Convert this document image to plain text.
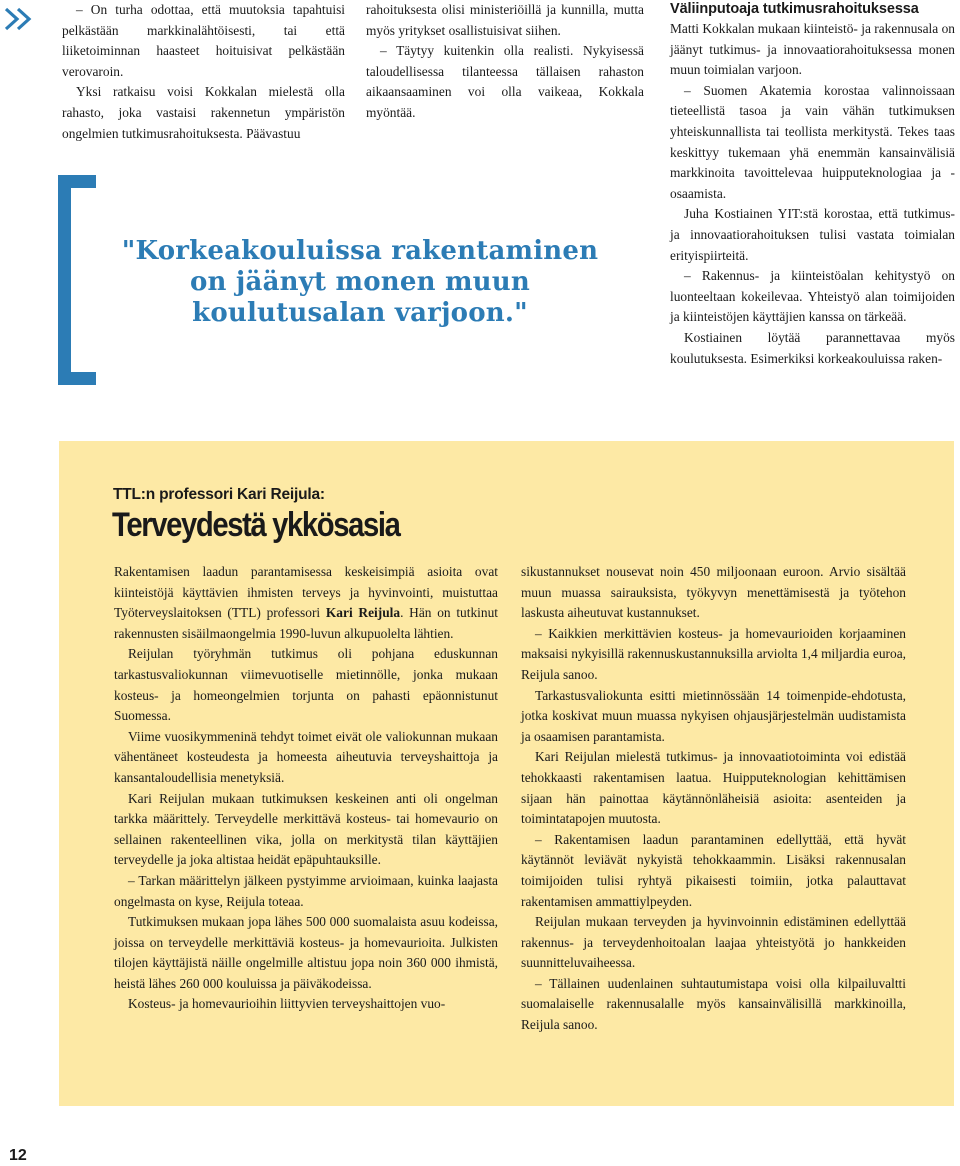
– On turha odottaa, että muutoksia tapahtuisi pelkästään markkinalähtöisesti, tai että liiketoiminnan haasteet hoituisivat pelkästään verovaroin.

Yksi ratkaisu voisi Kokkalan mielestä olla rahasto, joka vastaisi rakennetun ympäristön ongelmien tutkimusrahoituksesta. Päävastuu

rahoituksesta olisi ministeriöillä ja kunnilla, mutta myös yritykset osallistuisivat siihen.

– Täytyy kuitenkin olla realisti. Nykyisessä taloudellisessa tilanteessa tällaisen rahaston aikaansaaminen voi olla vaikeaa, Kokkala myöntää.

Väliinputoaja tutkimusrahoituksessa

Matti Kokkalan mukaan kiinteistö- ja rakennusala on jäänyt tutkimus- ja innovaatiorahoituksessa monen muun toimialan varjoon.

– Suomen Akatemia korostaa valinnoissaan tieteellistä tasoa ja vain vähän tutkimuksen yhteiskunnallista tai teollista merkitystä. Tekes taas keskittyy tukemaan yhä enemmän kansainvälisiä markkinoita tavoittelevaa huipputeknologiaa ja -osaamista.

Juha Kostiainen YIT:stä korostaa, että tutkimus- ja innovaatiorahoituksen tulisi vastata toimialan erityispiirteitä.

– Rakennus- ja kiinteistöalan kehitystyö on luonteeltaan kokeilevaa. Yhteistyö alan toimijoiden ja kiinteistöjen käyttäjien kanssa on tärkeää.

Kostiainen löytää parannettavaa myös koulutuksesta. Esimerkiksi korkeakouluissa raken-

"Korkeakouluissa rakentaminen
on jäänyt monen muun
koulutusalan varjoon."
TTL:n professori Kari Reijula:
Terveydestä ykkösasia

Rakentamisen laadun parantamisessa keskeisimpiä asioita ovat kiinteistöjä käyttävien ihmisten terveys ja hyvinvointi, muistuttaa Työterveyslaitoksen (TTL) professori Kari Reijula. Hän on tutkinut rakennusten sisäilmaongelmia 1990-luvun alkupuolelta lähtien.

Reijulan työryhmän tutkimus oli pohjana eduskunnan tarkastusvaliokunnan viimevuotiselle mietinnölle, jonka mukaan kosteus- ja homeongelmien torjunta on pahasti epäonnistunut Suomessa.

Viime vuosikymmeninä tehdyt toimet eivät ole valiokunnan mukaan vähentäneet kosteudesta ja homeesta aiheutuvia terveyshaittoja ja kansantaloudellisia menetyksiä.

Kari Reijulan mukaan tutkimuksen keskeinen anti oli ongelman tarkka määrittely. Terveydelle merkittävä kosteus- tai homevaurio on sellainen rakenteellinen vika, jolla on merkitystä tilan käyttäjien terveydelle ja joka altistaa heidät epäpuhtauksille.

– Tarkan määrittelyn jälkeen pystyimme arvioimaan, kuinka laajasta ongelmasta on kyse, Reijula toteaa.

Tutkimuksen mukaan jopa lähes 500 000 suomalaista asuu kodeissa, joissa on terveydelle merkittäviä kosteus- ja homevaurioita. Julkisten tilojen käyttäjistä näille ongelmille altistuu jopa noin 360 000 ihmistä, heistä lähes 260 000 kouluissa ja päiväkodeissa.

Kosteus- ja homevaurioihin liittyvien terveyshaittojen vuo-

sikustannukset nousevat noin 450 miljoonaan euroon. Arvio sisältää muun muassa sairauksista, työkyvyn menettämisestä ja työtehon laskusta aiheutuvat kustannukset.

– Kaikkien merkittävien kosteus- ja homevaurioiden korjaaminen maksaisi nykyisillä rakennuskustannuksilla arviolta 1,4 miljardia euroa, Reijula sanoo.

Tarkastusvaliokunta esitti mietinnössään 14 toimenpide-ehdotusta, jotka koskivat muun muassa nykyisen ohjausjärjestelmän uudistamista ja osaamisen parantamista.

Kari Reijulan mielestä tutkimus- ja innovaatiotoiminta voi edistää tehokkaasti rakentamisen laatua. Huipputeknologian kehittämisen sijaan hän painottaa käytännönläheisiä asioita: asenteiden ja toimintatapojen muutosta.

– Rakentamisen laadun parantaminen edellyttää, että hyvät käytännöt leviävät nykyistä tehokkaammin. Lisäksi rakennusalan toimijoiden tulisi ryhtyä pikaisesti toimiin, jotka palauttavat rakentamisen ammattiylpeyden.

Reijulan mukaan terveyden ja hyvinvoinnin edistäminen edellyttää rakennus- ja terveydenhoitoalan laajaa yhteistyötä jo hankkeiden suunnitteluvaiheessa.

– Tällainen uudenlainen suhtautumistapa voisi olla kilpailuvaltti suomalaiselle rakennusalalle myös kansainvälisillä markkinoilla, Reijula sanoo.

12
